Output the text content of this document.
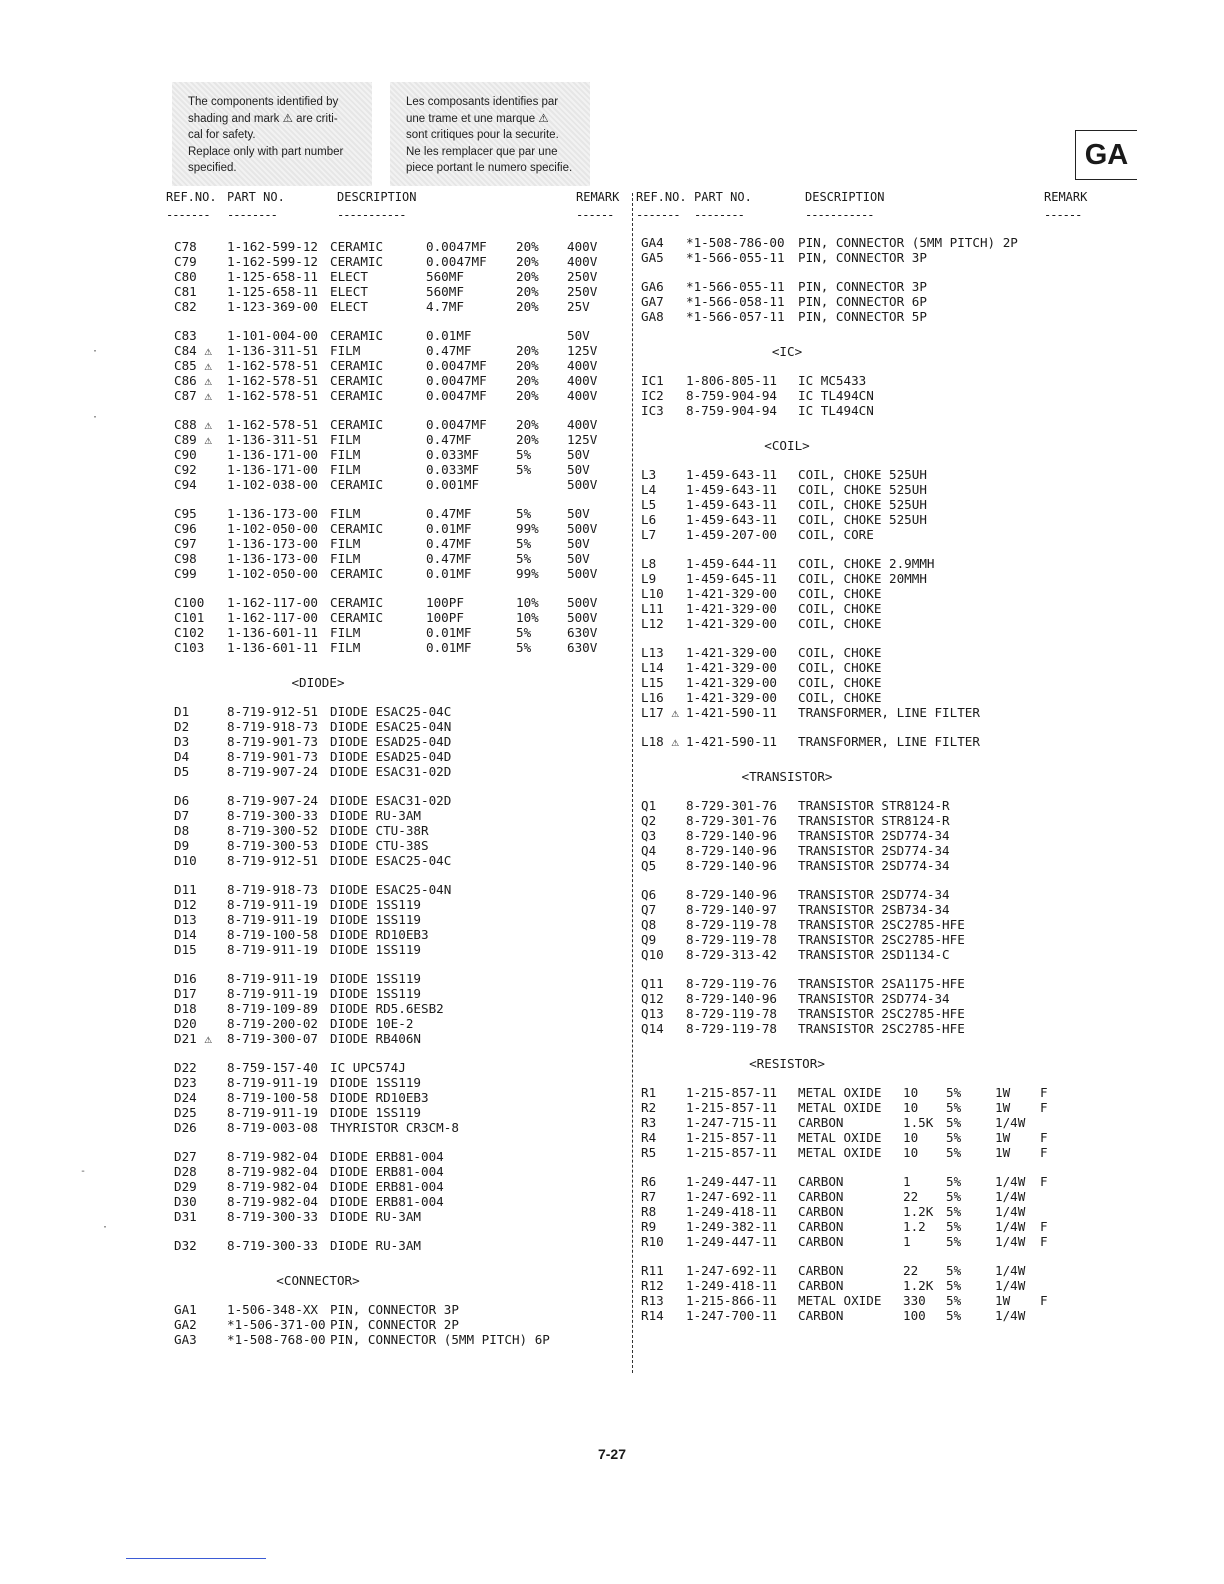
The components identified by
shading and mark ⚠ are criti-
cal for safety.
Replace only with part number
specified.
Les composants identifies par
une trame et une marque ⚠
sont critiques pour la securite.
Ne les remplacer que par une
piece portant le numero specifie.	GA
REF.NO. PART NO.	DESCRIPTION	REMARK REF.NO. PART NO.	DESCRIPTION	REMARK
------- --------	-----------	------ ------- --------	-----------	------
C78 1-162-599-12 CERAMIC	0.0047MF 20% 400V
C79 1-162-599-12 CERAMIC	0.0047MF 20% 400V
C80 1-125-658-11 ELECT	560MF	20% 250V
C81 1-125-658-11 ELECT	560MF	20% 250V
C82 1-123-369-00 ELECT	4.7MF	20% 25V
C83 1-101-004-00 CERAMIC	0.01MF	50V
C84 ⚠ 1-136-311-51 FILM	0.47MF	20% 125V
C85 ⚠ 1-162-578-51 CERAMIC	0.0047MF 20% 400V
C86 ⚠ 1-162-578-51 CERAMIC	0.0047MF 20% 400V
C87 ⚠ 1-162-578-51 CERAMIC	0.0047MF 20% 400V
C88 ⚠ 1-162-578-51 CERAMIC	0.0047MF 20% 400V
C89 ⚠ 1-136-311-51 FILM	0.47MF	20% 125V
C90 1-136-171-00 FILM	0.033MF	5%	50V
C92 1-136-171-00 FILM	0.033MF	5%	50V
C94 1-102-038-00 CERAMIC	0.001MF	500V
C95 1-136-173-00 FILM	0.47MF	5%	50V
C96 1-102-050-00 CERAMIC	0.01MF	99% 500V
C97 1-136-173-00 FILM	0.47MF	5%	50V
C98 1-136-173-00 FILM	0.47MF	5%	50V
C99 1-102-050-00 CERAMIC	0.01MF	99% 500V
C100 1-162-117-00 CERAMIC	100PF	10% 500V
C101 1-162-117-00 CERAMIC	100PF	10% 500V
C102 1-136-601-11 FILM	0.01MF	5%	630V
C103 1-136-601-11 FILM	0.01MF	5%	630V
<DIODE>
D1	8-719-912-51 DIODE ESAC25-04C
D2	8-719-918-73 DIODE ESAC25-04N
D3	8-719-901-73 DIODE ESAD25-04D
D4	8-719-901-73 DIODE ESAD25-04D
D5	8-719-907-24 DIODE ESAC31-02D
D6	8-719-907-24 DIODE ESAC31-02D
D7	8-719-300-33 DIODE RU-3AM
D8	8-719-300-52 DIODE CTU-38R
D9	8-719-300-53 DIODE CTU-38S
D10 8-719-912-51 DIODE ESAC25-04C
D11 8-719-918-73 DIODE ESAC25-04N
D12 8-719-911-19 DIODE 1SS119
D13 8-719-911-19 DIODE 1SS119
D14 8-719-100-58 DIODE RD10EB3
D15 8-719-911-19 DIODE 1SS119
D16 8-719-911-19 DIODE 1SS119
D17 8-719-911-19 DIODE 1SS119
D18 8-719-109-89 DIODE RD5.6ESB2
D20 8-719-200-02 DIODE 10E-2
D21 ⚠ 8-719-300-07 DIODE RB406N
D22 8-759-157-40 IC UPC574J
D23 8-719-911-19 DIODE 1SS119
D24 8-719-100-58 DIODE RD10EB3
D25 8-719-911-19 DIODE 1SS119
D26 8-719-003-08 THYRISTOR CR3CM-8
D27 8-719-982-04 DIODE ERB81-004
D28 8-719-982-04 DIODE ERB81-004
D29 8-719-982-04 DIODE ERB81-004
D30 8-719-982-04 DIODE ERB81-004
D31 8-719-300-33 DIODE RU-3AM
D32 8-719-300-33 DIODE RU-3AM
<CONNECTOR>
GA1 1-506-348-XX PIN, CONNECTOR 3P
GA2 *1-506-371-00 PIN, CONNECTOR 2P
GA3 *1-508-768-00 PIN, CONNECTOR (5MM PITCH) 6P
GA4 *1-508-786-00 PIN, CONNECTOR (5MM PITCH) 2P
GA5 *1-566-055-11 PIN, CONNECTOR 3P
GA6 *1-566-055-11 PIN, CONNECTOR 3P
GA7 *1-566-058-11 PIN, CONNECTOR 6P
GA8 *1-566-057-11 PIN, CONNECTOR 5P
<IC>
IC1 1-806-805-11 IC MC5433
IC2 8-759-904-94 IC TL494CN
IC3 8-759-904-94 IC TL494CN
<COIL>
L3 1-459-643-11 COIL, CHOKE 525UH
L4 1-459-643-11 COIL, CHOKE 525UH
L5 1-459-643-11 COIL, CHOKE 525UH
L6 1-459-643-11 COIL, CHOKE 525UH
L7 1-459-207-00 COIL, CORE
L8 1-459-644-11 COIL, CHOKE 2.9MMH
L9 1-459-645-11 COIL, CHOKE 20MMH
L10 1-421-329-00 COIL, CHOKE
L11 1-421-329-00 COIL, CHOKE
L12 1-421-329-00 COIL, CHOKE
L13 1-421-329-00 COIL, CHOKE
L14 1-421-329-00 COIL, CHOKE
L15 1-421-329-00 COIL, CHOKE
L16 1-421-329-00 COIL, CHOKE
L17 ⚠ 1-421-590-11 TRANSFORMER, LINE FILTER
L18 ⚠ 1-421-590-11 TRANSFORMER, LINE FILTER
<TRANSISTOR>
Q1 8-729-301-76 TRANSISTOR STR8124-R
Q2 8-729-301-76 TRANSISTOR STR8124-R
Q3 8-729-140-96 TRANSISTOR 2SD774-34
Q4 8-729-140-96 TRANSISTOR 2SD774-34
Q5 8-729-140-96 TRANSISTOR 2SD774-34
Q6 8-729-140-96 TRANSISTOR 2SD774-34
Q7 8-729-140-97 TRANSISTOR 2SB734-34
Q8 8-729-119-78 TRANSISTOR 2SC2785-HFE
Q9 8-729-119-78 TRANSISTOR 2SC2785-HFE
Q10 8-729-313-42 TRANSISTOR 2SD1134-C
Q11 8-729-119-76 TRANSISTOR 2SA1175-HFE
Q12 8-729-140-96 TRANSISTOR 2SD774-34
Q13 8-729-119-78 TRANSISTOR 2SC2785-HFE
Q14 8-729-119-78 TRANSISTOR 2SC2785-HFE
<RESISTOR>
R1 1-215-857-11 METAL OXIDE 10 5%	1W F
R2 1-215-857-11 METAL OXIDE 10 5%	1W F
R3 1-247-715-11 CARBON	1.5K 5%	1/4W
R4 1-215-857-11 METAL OXIDE 10 5%	1W F
R5 1-215-857-11 METAL OXIDE 10 5%	1W F
R6 1-249-447-11 CARBON	1	5%	1/4W F
R7 1-247-692-11 CARBON	22 5%	1/4W
R8 1-249-418-11 CARBON	1.2K 5%	1/4W
R9 1-249-382-11 CARBON	1.2 5%	1/4W F
R10 1-249-447-11 CARBON	1	5%	1/4W F
R11 1-247-692-11 CARBON	22 5%	1/4W
R12 1-249-418-11 CARBON	1.2K 5%	1/4W
R13 1-215-866-11 METAL OXIDE 330 5%	1W F
R14 1-247-700-11 CARBON	100 5%	1/4W
7-27
·
·
-
·
